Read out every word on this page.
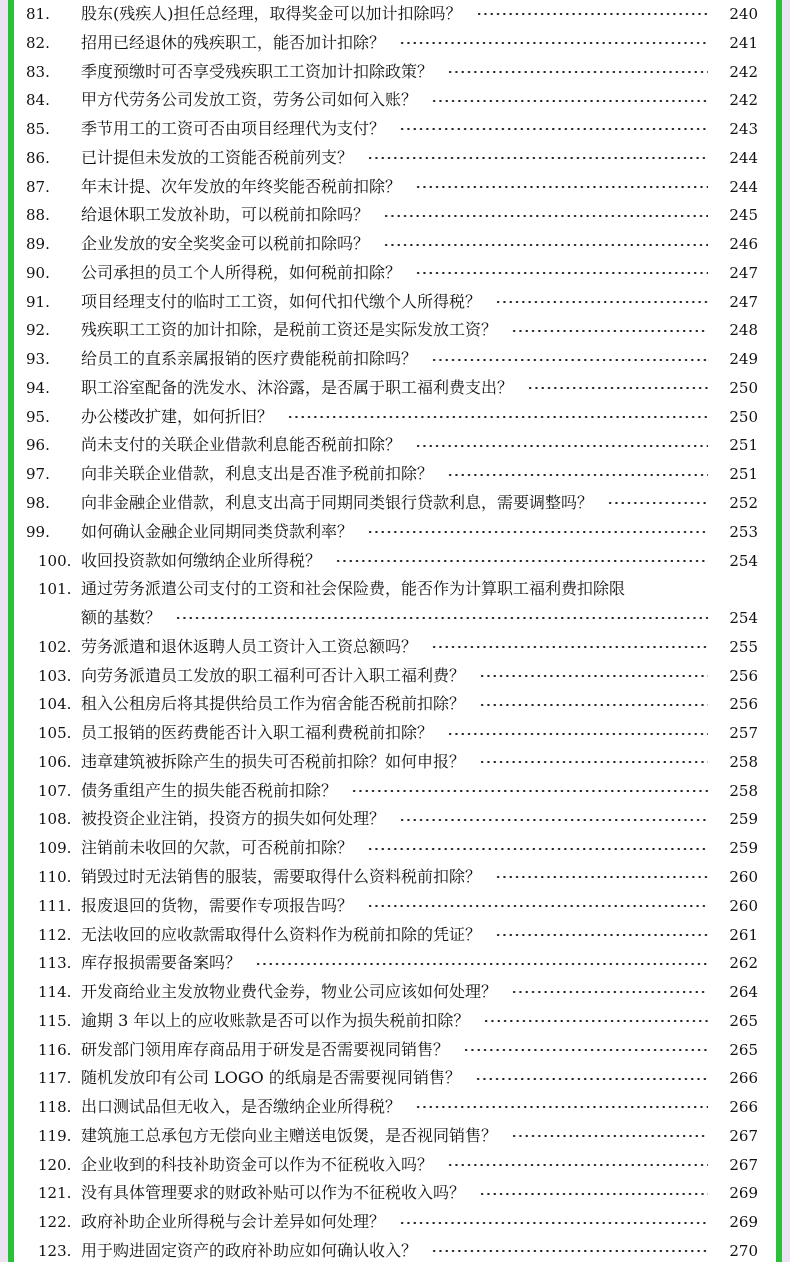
81.	股东(残疾人)担任总经理，取得奖金可以加计扣除吗？	240
82.	招用已经退休的残疾职工，能否加计扣除？	241
83.	季度预缴时可否享受残疾职工工资加计扣除政策？	242
84.	甲方代劳务公司发放工资，劳务公司如何入账？	242
85.	季节用工的工资可否由项目经理代为支付？	243
86.	已计提但未发放的工资能否税前列支？	244
87.	年末计提、次年发放的年终奖能否税前扣除？	244
88.	给退休职工发放补助，可以税前扣除吗？	245
89.	企业发放的安全奖奖金可以税前扣除吗？	246
90.	公司承担的员工个人所得税，如何税前扣除？	247
91.	项目经理支付的临时工工资，如何代扣代缴个人所得税？	247
92.	残疾职工工资的加计扣除，是税前工资还是实际发放工资？	248
93.	给员工的直系亲属报销的医疗费能税前扣除吗？	249
94.	职工浴室配备的洗发水、沐浴露，是否属于职工福利费支出？	250
95.	办公楼改扩建，如何折旧？	250
96.	尚未支付的关联企业借款利息能否税前扣除？	251
97.	向非关联企业借款，利息支出是否准予税前扣除？	251
98.	向非金融企业借款，利息支出高于同期同类银行贷款利息，需要调整吗？	252
99.	如何确认金融企业同期同类贷款利率？	253
100. 收回投资款如何缴纳企业所得税？	254
101. 通过劳务派遣公司支付的工资和社会保险费，能否作为计算职工福利费扣除限
额的基数？	254
102. 劳务派遣和退休返聘人员工资计入工资总额吗？	255
103. 向劳务派遣员工发放的职工福利可否计入职工福利费？	256
104. 租入公租房后将其提供给员工作为宿舍能否税前扣除？	256
105. 员工报销的医药费能否计入职工福利费税前扣除？	257
106. 违章建筑被拆除产生的损失可否税前扣除？如何申报？	258
107. 债务重组产生的损失能否税前扣除？	258
108. 被投资企业注销，投资方的损失如何处理？	259
109. 注销前未收回的欠款，可否税前扣除？	259
110. 销毁过时无法销售的服装，需要取得什么资料税前扣除？	260
111. 报废退回的货物，需要作专项报告吗？	260
112. 无法收回的应收款需取得什么资料作为税前扣除的凭证？	261
113. 库存报损需要备案吗？	262
114. 开发商给业主发放物业费代金券，物业公司应该如何处理？	264
115. 逾期 3 年以上的应收账款是否可以作为损失税前扣除？	265
116. 研发部门领用库存商品用于研发是否需要视同销售？	265
117. 随机发放印有公司 LOGO 的纸扇是否需要视同销售？	266
118. 出口测试品但无收入，是否缴纳企业所得税？	266
119. 建筑施工总承包方无偿向业主赠送电饭煲，是否视同销售？	267
120. 企业收到的科技补助资金可以作为不征税收入吗？	267
121. 没有具体管理要求的财政补贴可以作为不征税收入吗？	269
122. 政府补助企业所得税与会计差异如何处理？	269
123. 用于购进固定资产的政府补助应如何确认收入？	270
